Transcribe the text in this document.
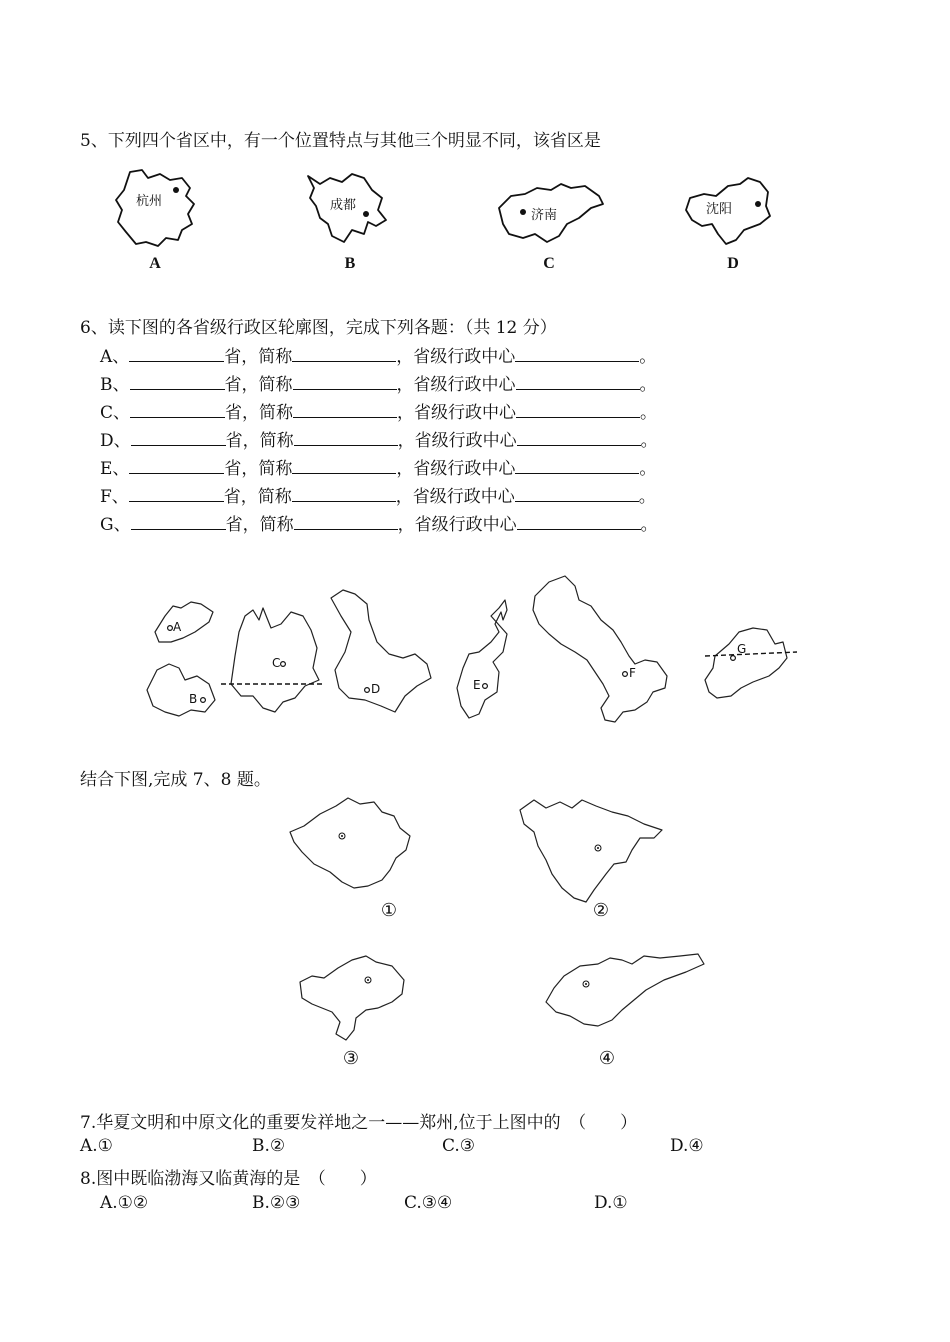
5、下列四个省区中，有一个位置特点与其他三个明显不同，该省区是
杭州
A
成都
B
济南
C
沈阳
D
6、读下图的各省级行政区轮廓图，完成下列各题：（共 12 分）
A、	省，简称	，省级行政中心	。
B、	省，简称	，省级行政中心	。
C、	省，简称	，省级行政中心	。
D、	省，简称	，省级行政中心	。
E、	省，简称	，省级行政中心	。
F、	省，简称	，省级行政中心	。
G、	省，简称	，省级行政中心	。
A
B
C
D	E
F
G
结合下图,完成 7、8 题。
①	②
③	④
7.华夏文明和中原文化的重要发祥地之一——郑州,位于上图中的　（　　）
A.①	B.②	C.③	D.④
8.图中既临渤海又临黄海的是　（　　）
A.①②	B.②③	C.③④	D.①
